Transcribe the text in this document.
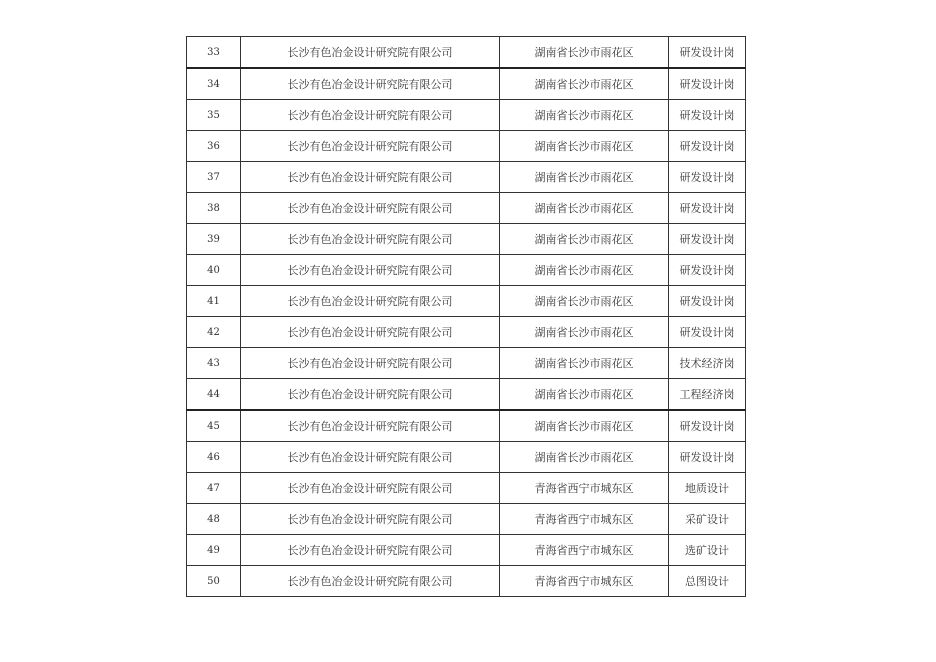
33	长沙有色冶金设计研究院有限公司	湖南省长沙市雨花区	研发设计岗
34	长沙有色冶金设计研究院有限公司	湖南省长沙市雨花区	研发设计岗
35	长沙有色冶金设计研究院有限公司	湖南省长沙市雨花区	研发设计岗
36	长沙有色冶金设计研究院有限公司	湖南省长沙市雨花区	研发设计岗
37	长沙有色冶金设计研究院有限公司	湖南省长沙市雨花区	研发设计岗
38	长沙有色冶金设计研究院有限公司	湖南省长沙市雨花区	研发设计岗
39	长沙有色冶金设计研究院有限公司	湖南省长沙市雨花区	研发设计岗
40	长沙有色冶金设计研究院有限公司	湖南省长沙市雨花区	研发设计岗
41	长沙有色冶金设计研究院有限公司	湖南省长沙市雨花区	研发设计岗
42	长沙有色冶金设计研究院有限公司	湖南省长沙市雨花区	研发设计岗
43	长沙有色冶金设计研究院有限公司	湖南省长沙市雨花区	技术经济岗
44	长沙有色冶金设计研究院有限公司	湖南省长沙市雨花区	工程经济岗
45	长沙有色冶金设计研究院有限公司	湖南省长沙市雨花区	研发设计岗
46	长沙有色冶金设计研究院有限公司	湖南省长沙市雨花区	研发设计岗
47	长沙有色冶金设计研究院有限公司	青海省西宁市城东区	地质设计
48	长沙有色冶金设计研究院有限公司	青海省西宁市城东区	采矿设计
49	长沙有色冶金设计研究院有限公司	青海省西宁市城东区	选矿设计
50	长沙有色冶金设计研究院有限公司	青海省西宁市城东区	总图设计
